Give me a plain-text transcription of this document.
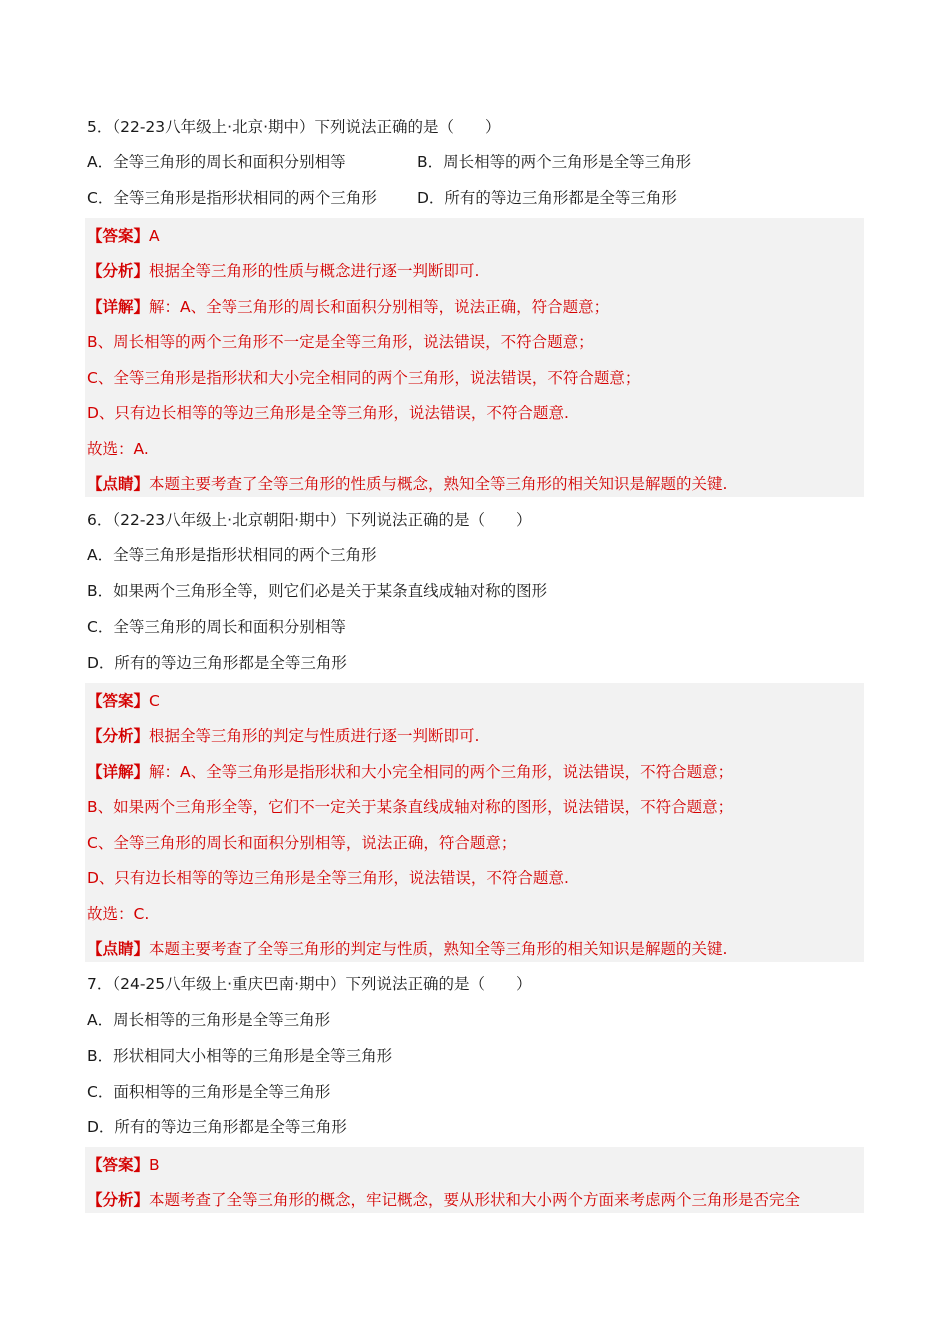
5．（22-23八年级上·北京·期中）下列说法正确的是（　　）
A．全等三角形的周长和面积分别相等	B．周长相等的两个三角形是全等三角形
C．全等三角形是指形状相同的两个三角形	D．所有的等边三角形都是全等三角形
【答案】A
【分析】根据全等三角形的性质与概念进行逐一判断即可.
【详解】解：A、全等三角形的周长和面积分别相等，说法正确，符合题意；
B、周长相等的两个三角形不一定是全等三角形，说法错误，不符合题意；
C、全等三角形是指形状和大小完全相同的两个三角形，说法错误，不符合题意；
D、只有边长相等的等边三角形是全等三角形，说法错误，不符合题意.
故选：A.
【点睛】本题主要考查了全等三角形的性质与概念，熟知全等三角形的相关知识是解题的关键.
6．（22-23八年级上·北京朝阳·期中）下列说法正确的是（　　）
A．全等三角形是指形状相同的两个三角形
B．如果两个三角形全等，则它们必是关于某条直线成轴对称的图形
C．全等三角形的周长和面积分别相等
D．所有的等边三角形都是全等三角形
【答案】C
【分析】根据全等三角形的判定与性质进行逐一判断即可.
【详解】解：A、全等三角形是指形状和大小完全相同的两个三角形，说法错误，不符合题意；
B、如果两个三角形全等，它们不一定关于某条直线成轴对称的图形，说法错误，不符合题意；
C、全等三角形的周长和面积分别相等，说法正确，符合题意；
D、只有边长相等的等边三角形是全等三角形，说法错误，不符合题意.
故选：C.
【点睛】本题主要考查了全等三角形的判定与性质，熟知全等三角形的相关知识是解题的关键.
7．（24-25八年级上·重庆巴南·期中）下列说法正确的是（　　）
A．周长相等的三角形是全等三角形
B．形状相同大小相等的三角形是全等三角形
C．面积相等的三角形是全等三角形
D．所有的等边三角形都是全等三角形
【答案】B
【分析】本题考查了全等三角形的概念，牢记概念，要从形状和大小两个方面来考虑两个三角形是否完全
